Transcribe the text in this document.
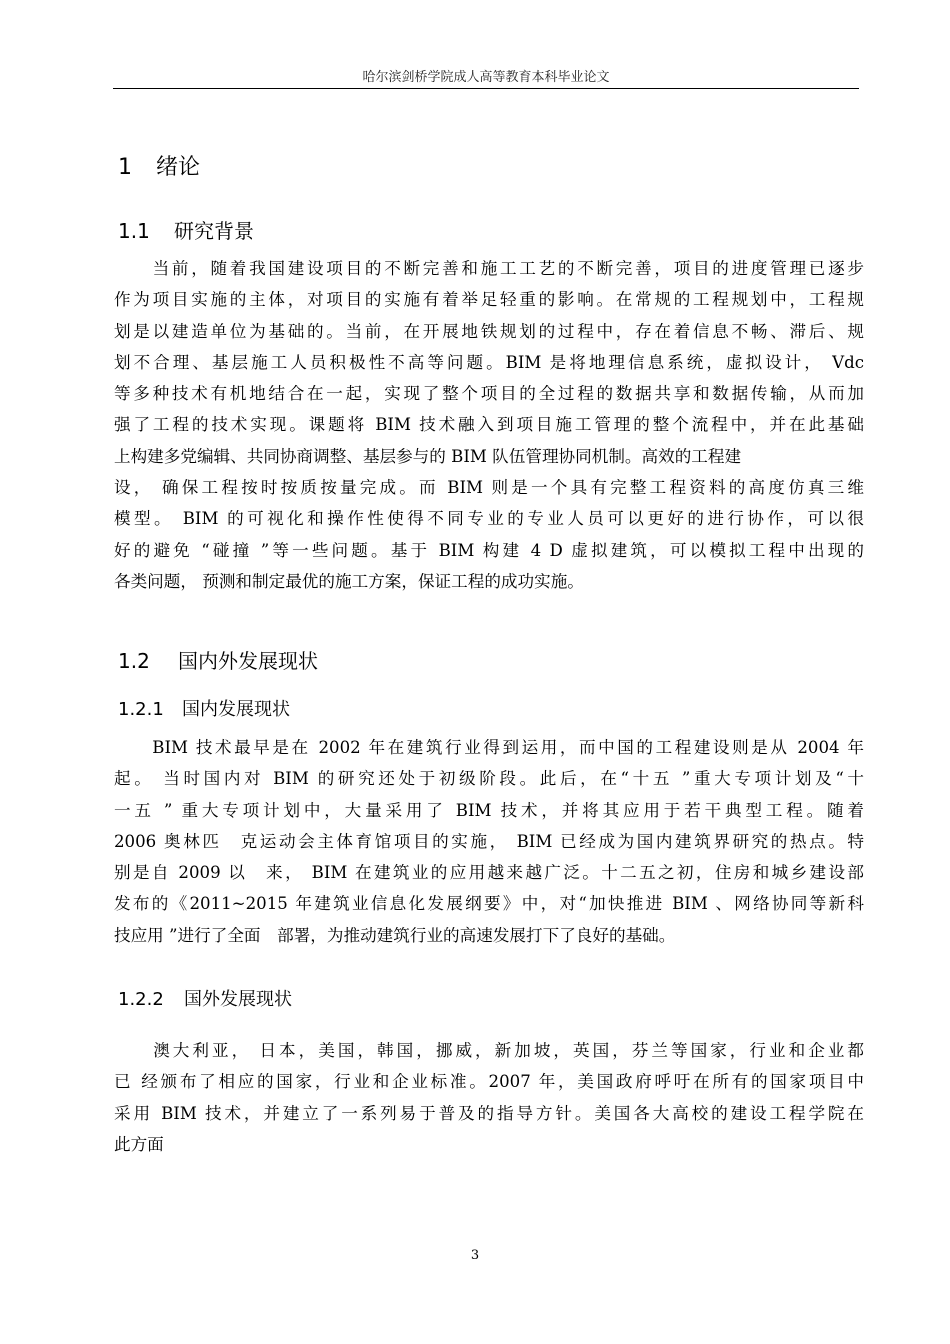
哈尔滨剑桥学院成人高等教育本科毕业论文
1 绪论
1.1 研究背景
　　当前，随着我国建设项目的不断完善和施工工艺的不断完善，项目的进度管理已逐步
作为项目实施的主体，对项目的实施有着举足轻重的影响。在常规的工程规划中，工程规
划是以建造单位为基础的。当前，在开展地铁规划的过程中，存在着信息不畅、滞后、规
划不合理、基层施工人员积极性不高等问题。BIM 是将地理信息系统，虚拟设计， Vdc
等多种技术有机地结合在一起，实现了整个项目的全过程的数据共享和数据传输，从而加
强了工程的技术实现。课题将 BIM 技术融入到项目施工管理的整个流程中，并在此基础
上构建多党编辑、共同协商调整、基层参与的 BIM 队伍管理协同机制。高效的工程建
设， 确保工程按时按质按量完成。而 BIM 则是一个具有完整工程资料的高度仿真三维
模型。 BIM 的可视化和操作性使得不同专业的专业人员可以更好的进行协作，可以很
好的避免 “碰撞 ”等一些问题。基于 BIM 构建 4 D 虚拟建筑，可以模拟工程中出现的
各类问题， 预测和制定最优的施工方案，保证工程的成功实施。
1.2 国内外发展现状
1.2.1 国内发展现状
　　BIM 技术最早是在 2002 年在建筑行业得到运用，而中国的工程建设则是从 2004 年
起。 当时国内对 BIM 的研究还处于初级阶段。此后，在“十五 ”重大专项计划及“十
一五 ” 重大专项计划中，大量采用了 BIM 技术，并将其应用于若干典型工程。随着
2006 奥林匹　克运动会主体育馆项目的实施， BIM 已经成为国内建筑界研究的热点。特
别是自 2009 以　来， BIM 在建筑业的应用越来越广泛。十二五之初，住房和城乡建设部
发布的《2011~2015 年建筑业信息化发展纲要》中，对“加快推进 BIM 、网络协同等新科
技应用 ”进行了全面　部署，为推动建筑行业的高速发展打下了良好的基础。
1.2.2 国外发展现状
　　澳大利亚， 日本，美国，韩国，挪威，新加坡，英国，芬兰等国家，行业和企业都
已 经颁布了相应的国家，行业和企业标准。2007 年，美国政府呼吁在所有的国家项目中
采用 BIM 技术，并建立了一系列易于普及的指导方针。美国各大高校的建设工程学院在
此方面
3
